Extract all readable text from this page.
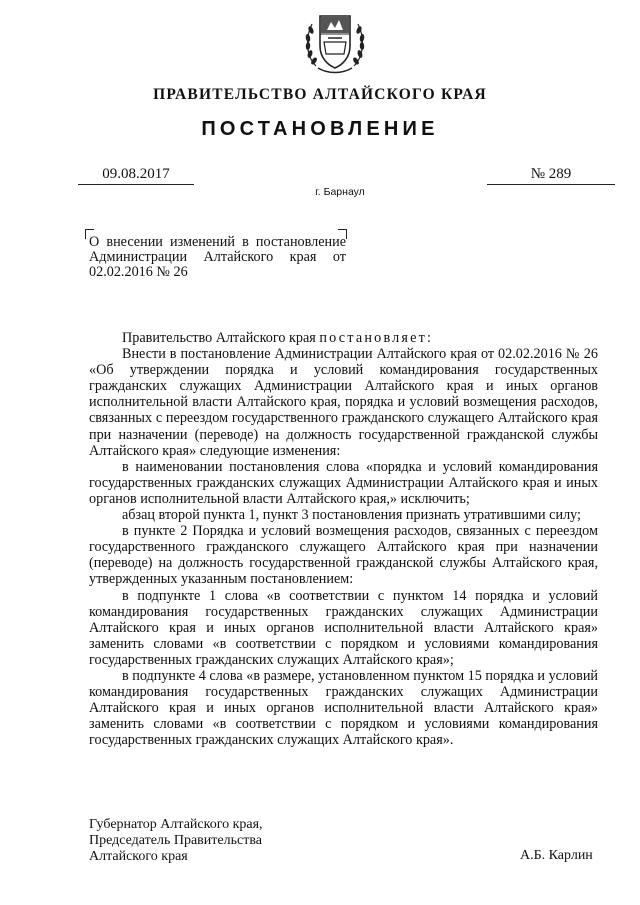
ПРАВИТЕЛЬСТВО АЛТАЙСКОГО КРАЯ
ПОСТАНОВЛЕНИЕ
09.08.2017
г. Барнаул
№ 289
О внесении изменений в постановление
Администрации Алтайского края от
02.02.2016 № 26

Правительство Алтайского края постановляет:

Внести в постановление Администрации Алтайского края от 02.02.2016 № 26 «Об утверждении порядка и условий командирования государственных гражданских служащих Администрации Алтайского края и иных органов исполнительной власти Алтайского края, порядка и условий возмещения расходов, связанных с переездом государственного гражданского служащего Алтайского края при назначении (переводе) на должность государственной гражданской службы Алтайского края» следующие изменения:

в наименовании постановления слова «порядка и условий командирования государственных гражданских служащих Администрации Алтайского края и иных органов исполнительной власти Алтайского края,» исключить;

абзац второй пункта 1, пункт 3 постановления признать утратившими силу;

в пункте 2 Порядка и условий возмещения расходов, связанных с переездом государственного гражданского служащего Алтайского края при назначении (переводе) на должность государственной гражданской службы Алтайского края, утвержденных указанным постановлением:

в подпункте 1 слова «в соответствии с пунктом 14 порядка и условий командирования государственных гражданских служащих Администрации Алтайского края и иных органов исполнительной власти Алтайского края» заменить словами «в соответствии с порядком и условиями командирования государственных гражданских служащих Алтайского края»;

в подпункте 4 слова «в размере, установленном пунктом 15 порядка и условий командирования государственных гражданских служащих Администрации Алтайского края и иных органов исполнительной власти Алтайского края» заменить словами «в соответствии с порядком и условиями командирования государственных гражданских служащих Алтайского края».

Губернатор Алтайского края,
Председатель Правительства
Алтайского края	А.Б. Карлин
